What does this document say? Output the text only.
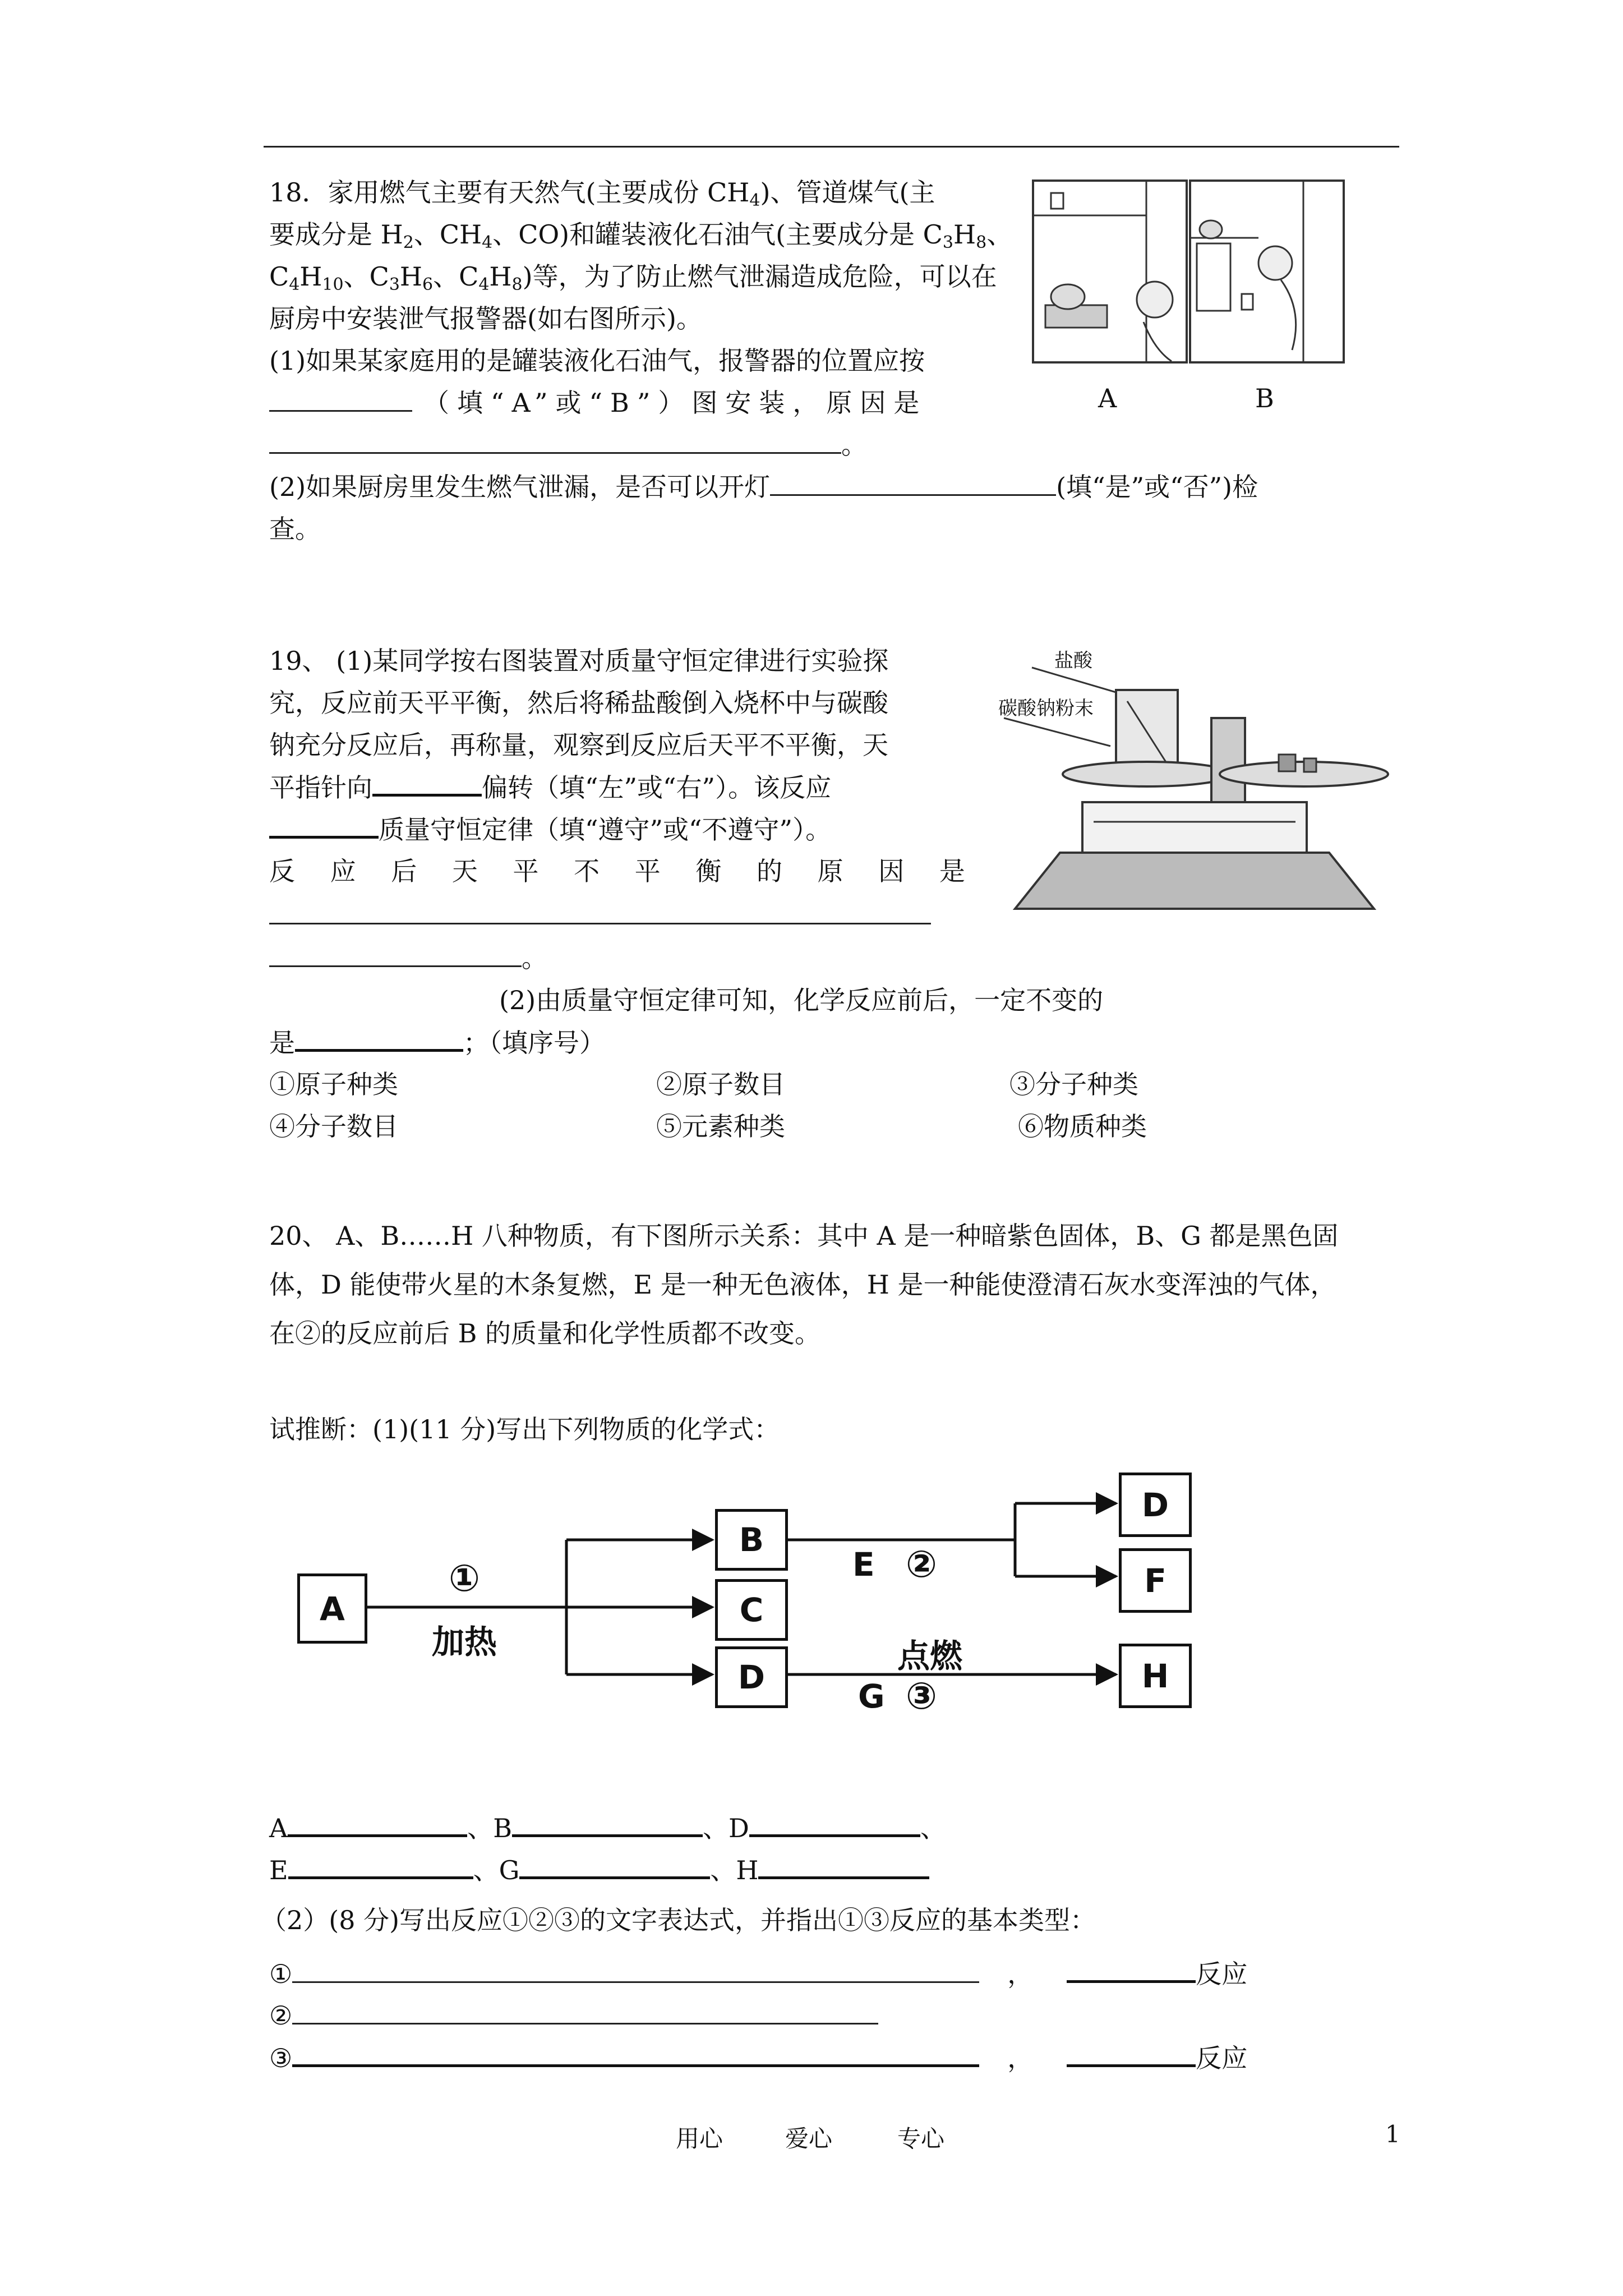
18．家用燃气主要有天然气(主要成份 $CH_4$)、管道煤气(主
要成分是 $H_2$、$CH_4$、CO)和罐装液化石油气(主要成分是 $C_3H_8$、
$C_4H_{10}$、$C_3H_6$、$C_4H_8$)等，为了防止燃气泄漏造成危险，可以在
厨房中安装泄气报警器(如右图所示)。
(1)如果某家庭用的是罐装液化石油气，报警器的位置应按
（填“A”或“B”）图安装，原因是
。
(2)如果厨房里发生燃气泄漏，是否可以开灯	(填“是”或“否”)检
查。
A	B
19、 (1)某同学按右图装置对质量守恒定律进行实验探
究，反应前天平平衡，然后将稀盐酸倒入烧杯中与碳酸
钠充分反应后，再称量，观察到反应后天平不平衡，天
平指针向	偏转（填“左”或“右”）。该反应
质量守恒定律（填“遵守”或“不遵守”）。
反 应 后 天 平 不 平 衡 的 原 因 是
。
(2)由质量守恒定律可知，化学反应前后，一定不变的
是	；（填序号）
①原子种类	②原子数目	③分子种类
④分子数目	⑤元素种类	⑥物质种类
盐酸
碳酸钠粉末
20、 A、B……H 八种物质，有下图所示关系：其中 A 是一种暗紫色固体，B、G 都是黑色固
体，D 能使带火星的木条复燃，E 是一种无色液体，H 是一种能使澄清石灰水变浑浊的气体，
在②的反应前后 B 的质量和化学性质都不改变。
试推断：(1)(11 分)写出下列物质的化学式：
A
B
C
D
D
F
H
①
加热
E ②
点燃
G ③
A	、B	、D	、
E	、G	、H
（2）(8 分)写出反应①②③的文字表达式，并指出①③反应的基本类型：
①	，	反应
②
③	，	反应
用心	爱心	专心	1
